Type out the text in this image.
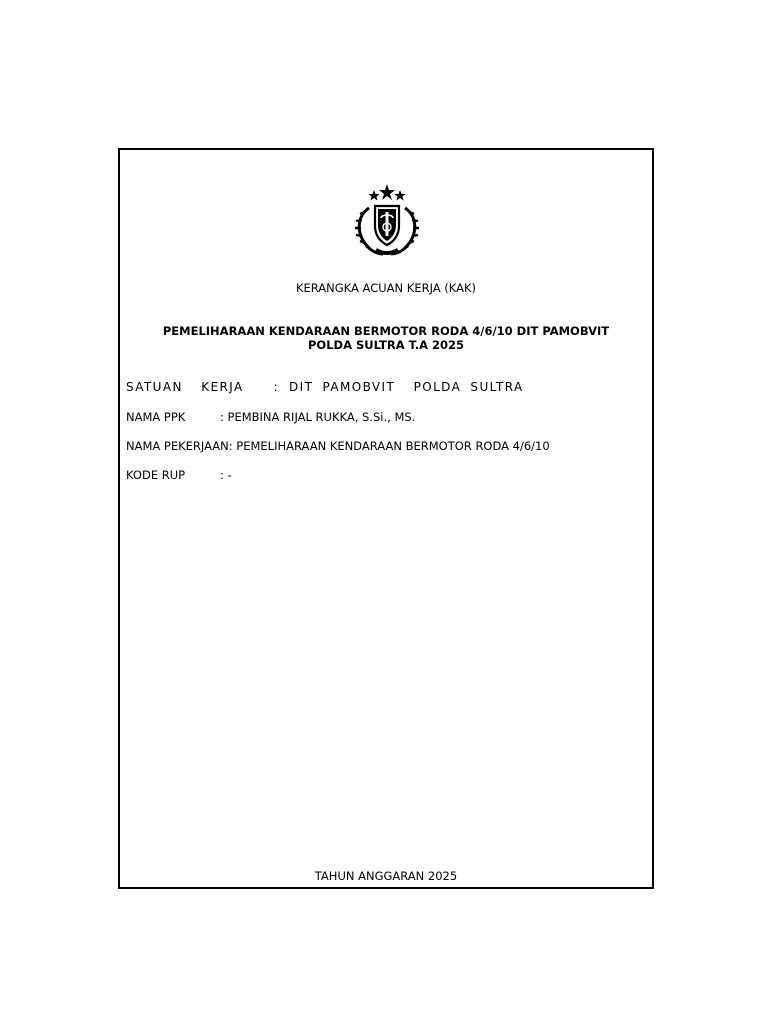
KERANGKA ACUAN KERJA (KAK)
PEMELIHARAAN KENDARAAN BERMOTOR RODA 4/6/10 DIT PAMOBVIT
POLDA SULTRA T.A 2025
SATUAN  KERJA	: DIT PAMOBVIT  POLDA SULTRA
NAMA PPK	: PEMBINA RIJAL RUKKA, S.Si., MS.
NAMA PEKERJAAN: PEMELIHARAAN KENDARAAN BERMOTOR RODA 4/6/10
KODE RUP	: -
TAHUN ANGGARAN 2025
